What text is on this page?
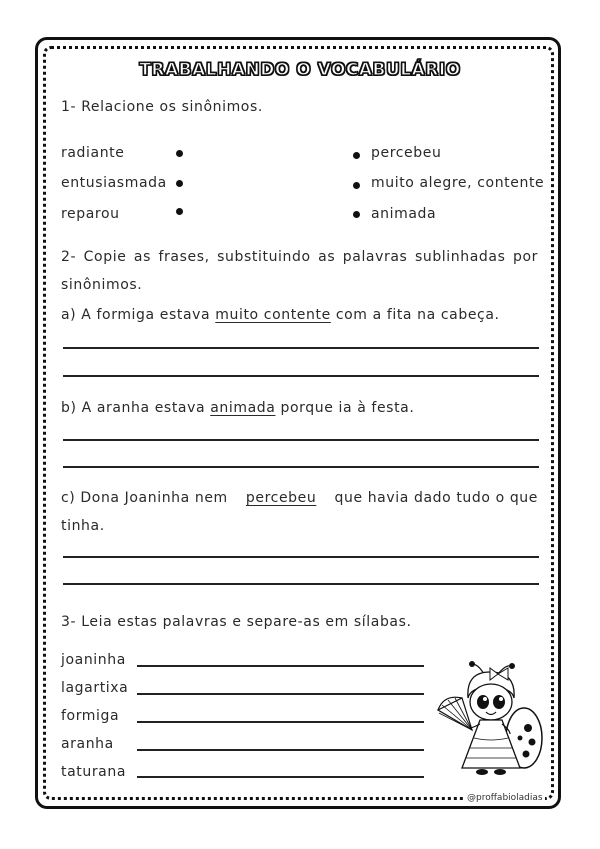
TRABALHANDO O VOCABULÁRIO
1- Relacione os sinônimos.
radiante
entusiasmada
reparou
percebeu
muito alegre, contente
animada
2- Copie as frases, substituindo as palavras sublinhadas por
sinônimos.
a) A formiga estava muito contente com a fita na cabeça.
b) A aranha estava animada porque ia à festa.
c) Dona Joaninha nem percebeu que havia dado tudo o que
tinha.
3- Leia estas palavras e separe-as em sílabas.
joaninha
lagartixa
formiga
aranha
taturana
@proffabioladias
